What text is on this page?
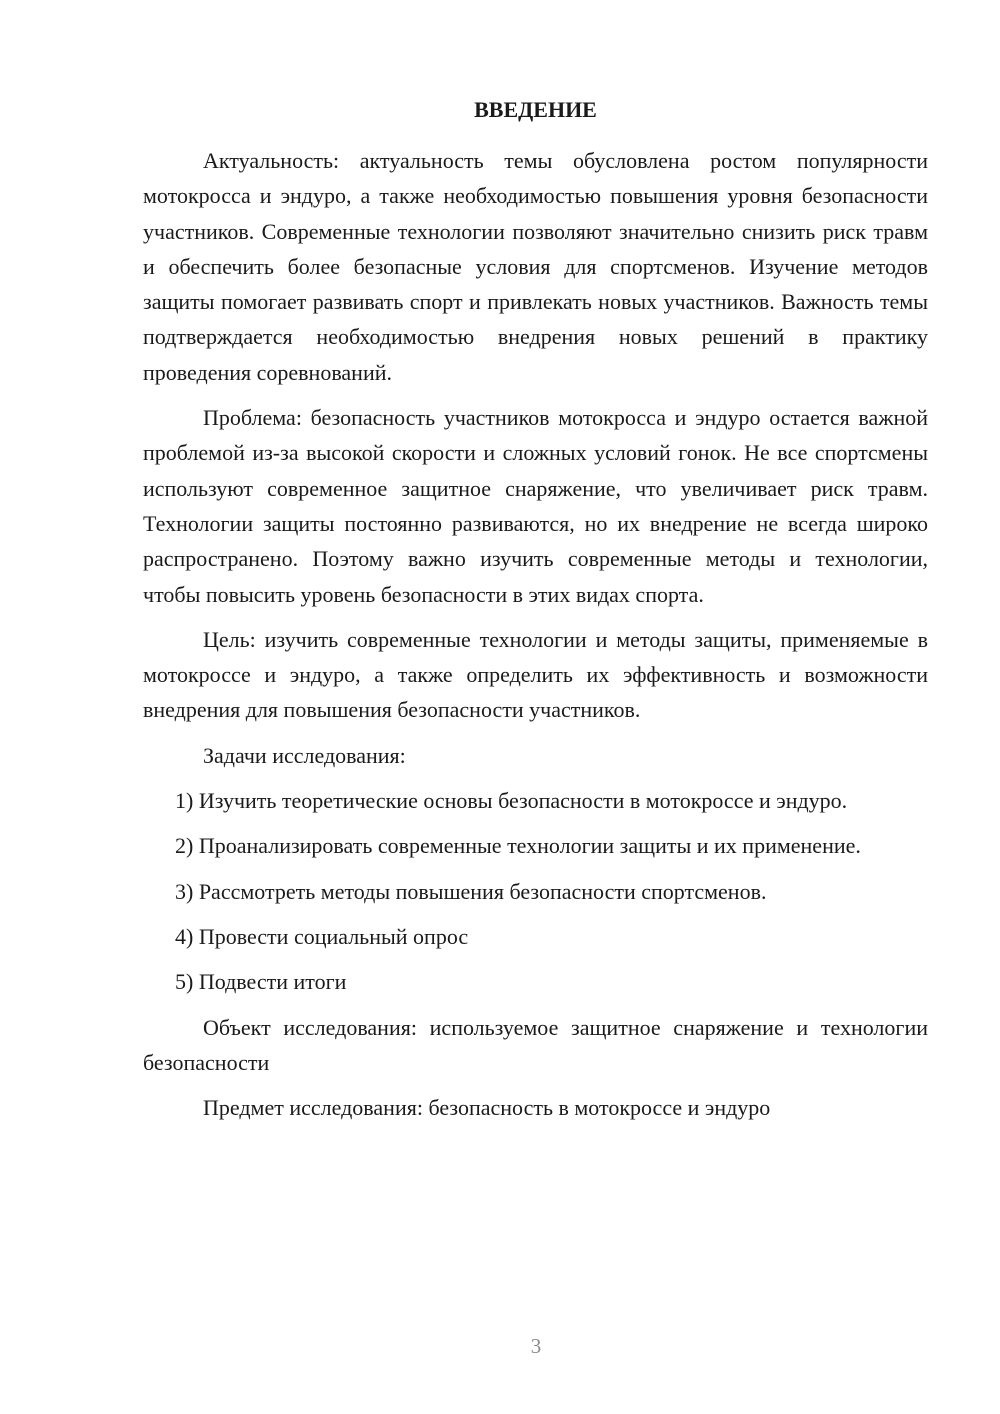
ВВЕДЕНИЕ

Актуальность: актуальность темы обусловлена ростом популярности мотокросса и эндуро, а также необходимостью повышения уровня безопасности участников. Современные технологии позволяют значительно снизить риск травм и обеспечить более безопасные условия для спортсменов. Изучение методов защиты помогает развивать спорт и привлекать новых участников. Важность темы подтверждается необходимостью внедрения новых решений в практику проведения соревнований.

Проблема: безопасность участников мотокросса и эндуро остается важной проблемой из-за высокой скорости и сложных условий гонок. Не все спортсмены используют современное защитное снаряжение, что увеличивает риск травм. Технологии защиты постоянно развиваются, но их внедрение не всегда широко распространено. Поэтому важно изучить современные методы и технологии, чтобы повысить уровень безопасности в этих видах спорта.

Цель: изучить современные технологии и методы защиты, применяемые в мотокроссе и эндуро, а также определить их эффективность и возможности внедрения для повышения безопасности участников.

Задачи исследования:

1) Изучить теоретические основы безопасности в мотокроссе и эндуро.

2) Проанализировать современные технологии защиты и их применение.

3) Рассмотреть методы повышения безопасности спортсменов.

4) Провести социальный опрос

5) Подвести итоги

Объект исследования: используемое защитное снаряжение и технологии безопасности

Предмет исследования: безопасность в мотокроссе и эндуро

3
